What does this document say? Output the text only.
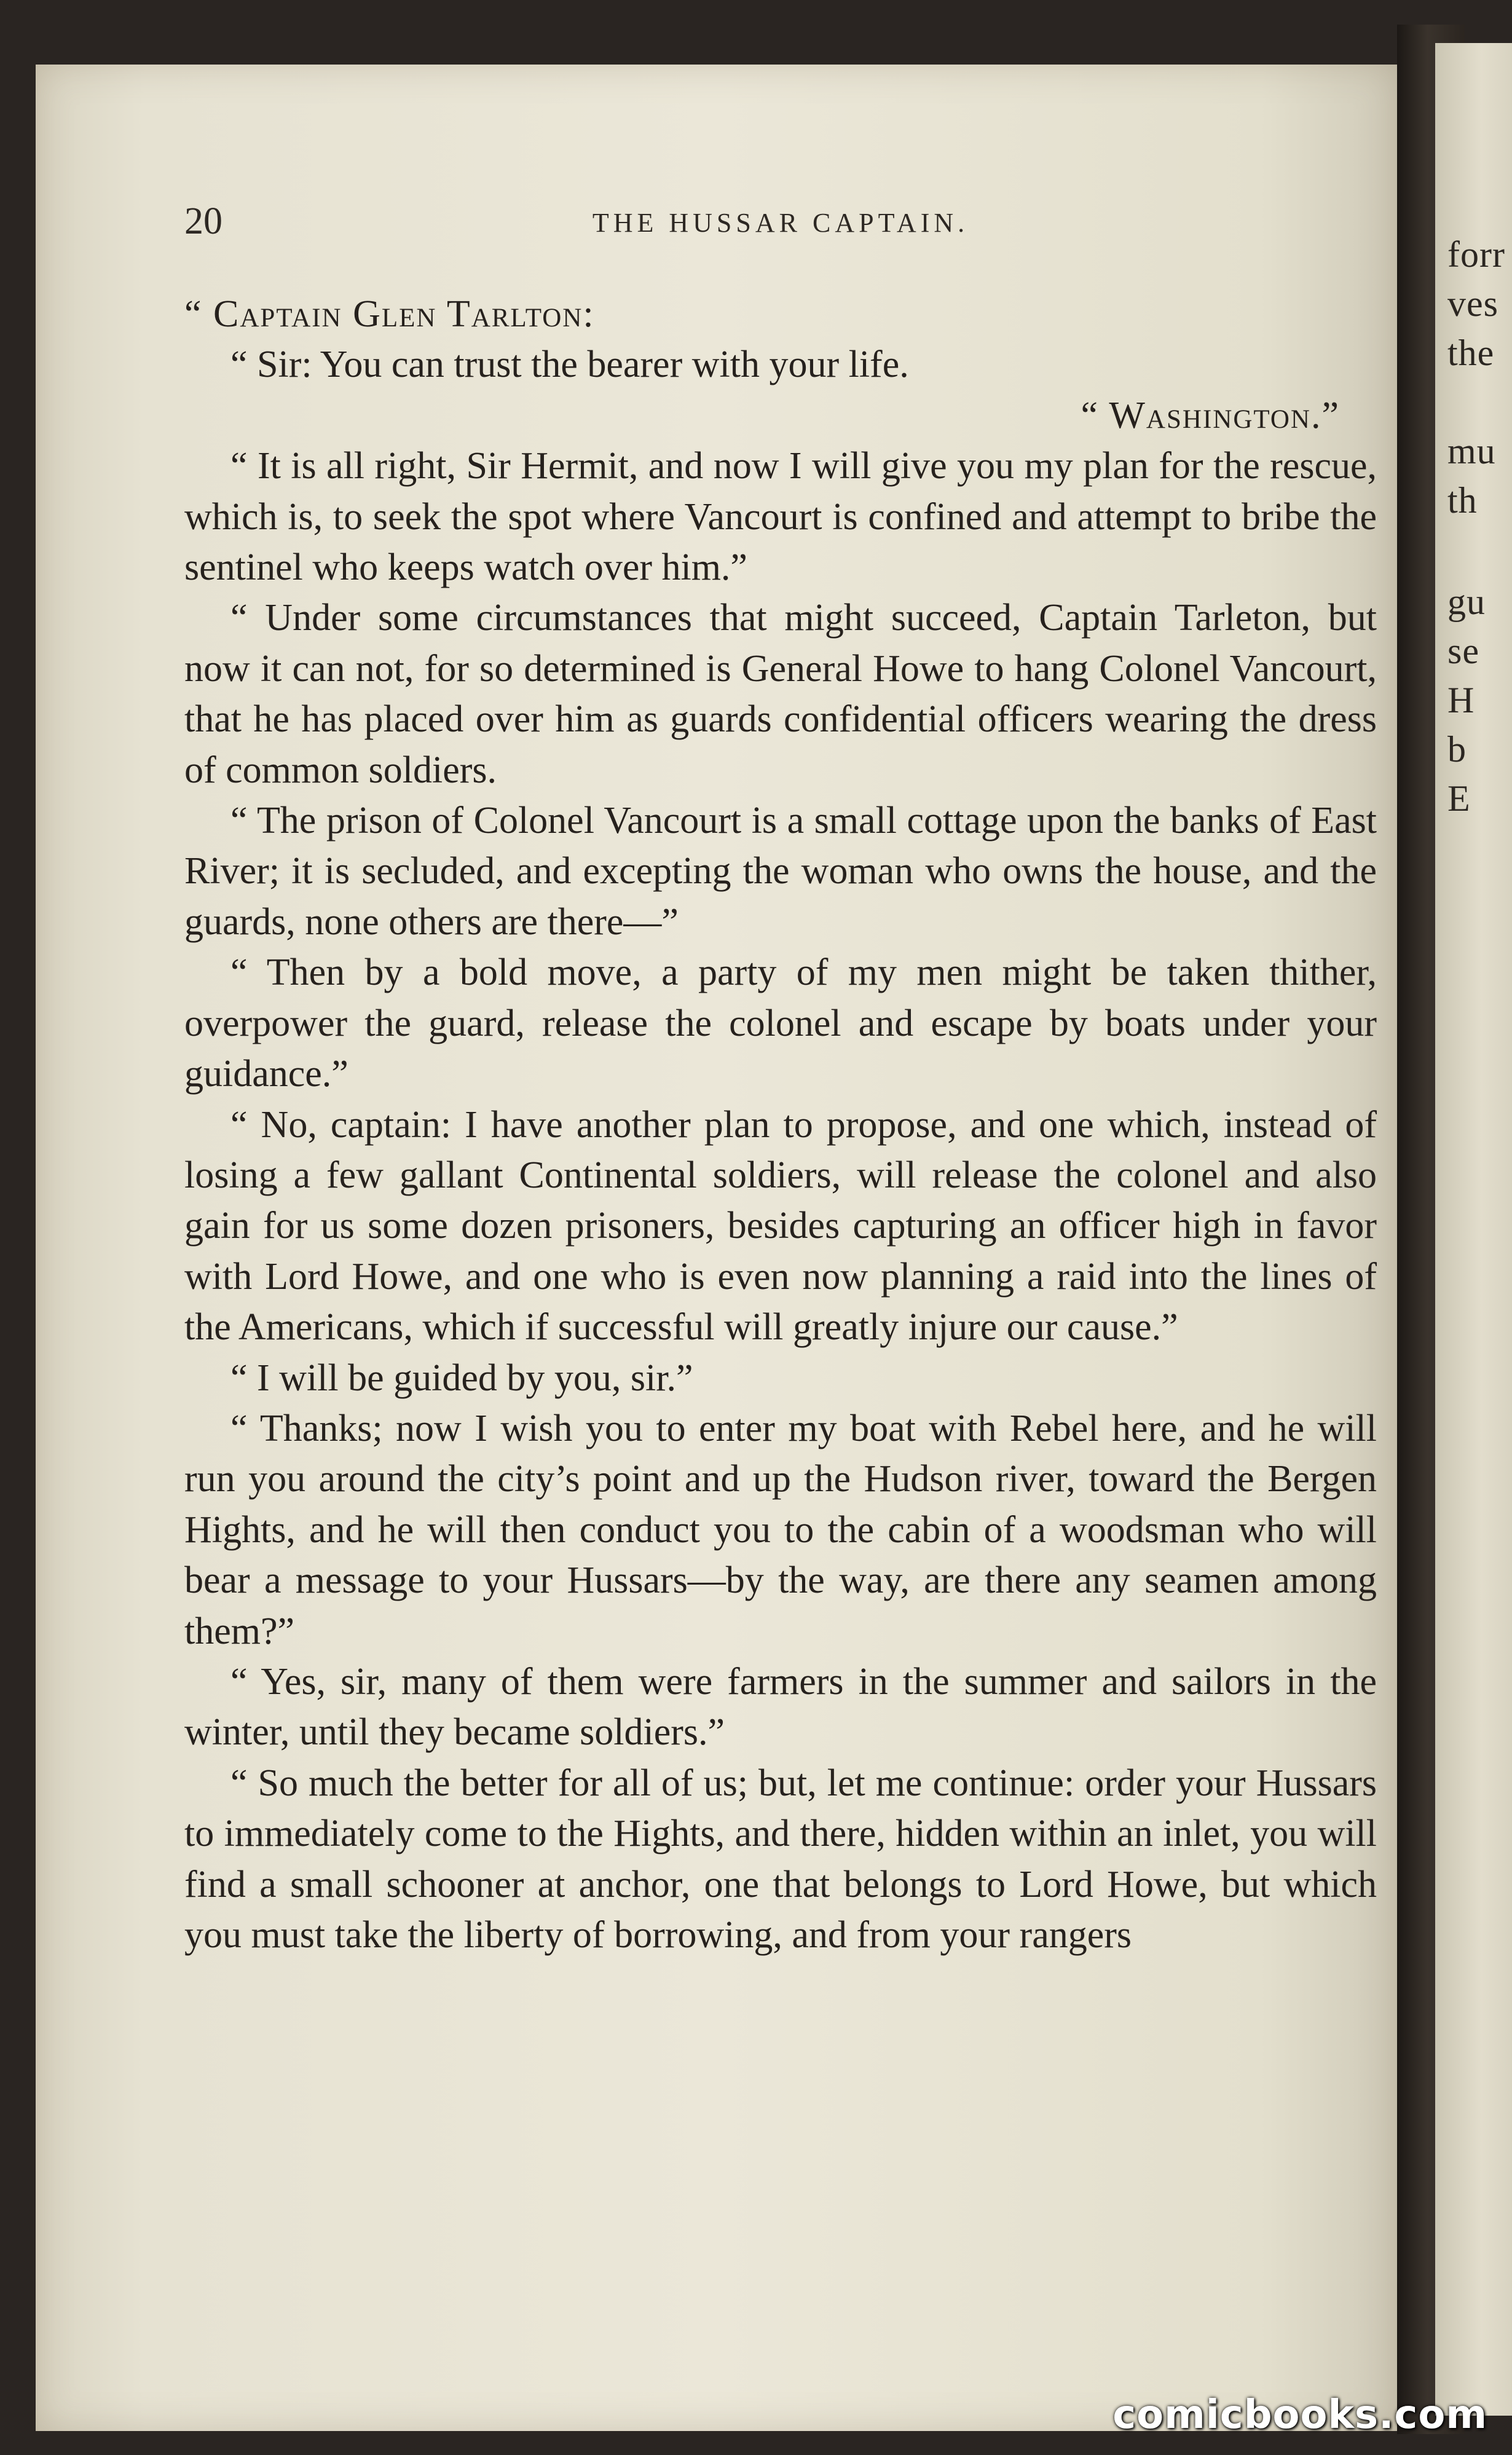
forr
ves
the
mu
th
gu
se
H
b
E
20	THE HUSSAR CAPTAIN.

“ Captain Glen Tarlton:

“ Sir: You can trust the bearer with your life.

“ Washington.”

“ It is all right, Sir Hermit, and now I will give you my plan for the rescue, which is, to seek the spot where Vancourt is confined and attempt to bribe the sentinel who keeps watch over him.”

“ Under some circumstances that might succeed, Captain Tarleton, but now it can not, for so determined is General Howe to hang Colonel Vancourt, that he has placed over him as guards confidential officers wearing the dress of common soldiers.

“ The prison of Colonel Vancourt is a small cottage upon the banks of East River; it is secluded, and excepting the woman who owns the house, and the guards, none others are there—”

“ Then by a bold move, a party of my men might be taken thither, overpower the guard, release the colonel and escape by boats under your guidance.”

“ No, captain: I have another plan to propose, and one which, instead of losing a few gallant Continental soldiers, will release the colonel and also gain for us some dozen prisoners, besides capturing an officer high in favor with Lord Howe, and one who is even now planning a raid into the lines of the Americans, which if successful will greatly injure our cause.”

“ I will be guided by you, sir.”

“ Thanks; now I wish you to enter my boat with Rebel here, and he will run you around the city’s point and up the Hudson river, toward the Bergen Hights, and he will then conduct you to the cabin of a woodsman who will bear a message to your Hussars—by the way, are there any seamen among them?”

“ Yes, sir, many of them were farmers in the summer and sailors in the winter, until they became soldiers.”

“ So much the better for all of us; but, let me continue: order your Hussars to immediately come to the Hights, and there, hidden within an inlet, you will find a small schooner at anchor, one that belongs to Lord Howe, but which you must take the liberty of borrowing, and from your rangers

comicbooks.com
